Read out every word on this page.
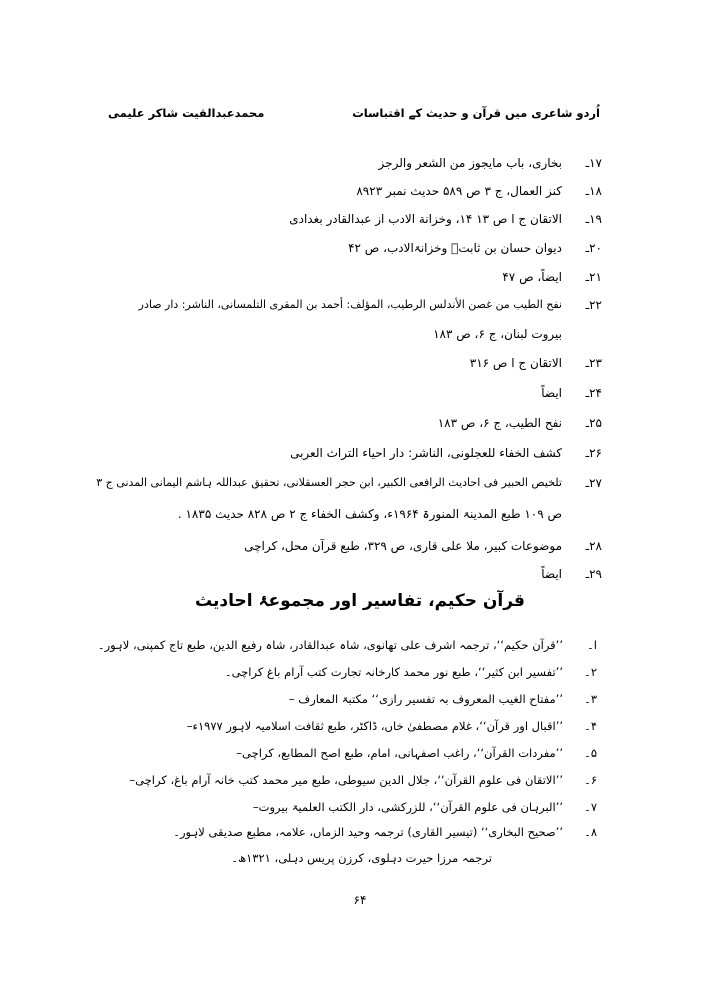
اُردو شاعری میں قرآن و حدیث کے اقتباسات
محمدعبدالقیت شاکر علیمی
۱۷ـ
بخاری، باب مایجوز من الشعر والرجز
۱۸ـ
کنز العمال، ج ۳ ص ۵۸۹ حدیث نمبر ۸۹۲۳
۱۹ـ
الاتقان ج ا ص ۱۳ ۱۴، وخزانة الادب از عبدالقادر بغدادی
۲۰ـ
دیوان حسان بن ثابتؓ وخزانۃالادب، ص ۴۲
۲۱ـ
ایضاً، ص ۴۷
۲۲ـ
نفح الطیب من غصن الأندلس الرطیب، المؤلف: أحمد بن المقری التلمسانی، الناشر: دار صادر
بیروت لبنان، ج ۶، ص ۱۸۳
۲۳ـ
الاتقان ج ا ص ۳۱۶
۲۴ـ
ایضاً
۲۵ـ
نفح الطیب، ج ۶، ص ۱۸۳
۲۶ـ
کشف الخفاء للعجلونی، الناشر: دار احیاء التراث العربی
۲۷ـ
تلخیص الحبیر فی احادیث الرافعی الکبیر، ابن حجر العسقلانی، تحقیق عبداللہ ہاشم الیمانی المدنی ج ۳
ص ۱۰۹ طبع المدینۃ المنورۃ ۱۹۶۴ء، وکشف الخفاء ج ۲ ص ۸۲۸ حدیث ۱۸۳۵ .
۲۸ـ
موضوعات کبیر، ملا علی قاری، ص ۳۲۹، طبع قرآن محل، کراچی
۲۹ـ
ایضاً
قرآن حکیم، تفاسیر اور مجموعۂ احادیث
ا۔
’’قرآن حکیم‘‘، ترجمہ اشرف علی تھانوی، شاہ عبدالقادر، شاہ رفیع الدین، طبع تاج کمپنی، لاہور۔
۲۔
’’تفسیر ابن کثیر‘‘، طبع نور محمد کارخانہ تجارت کتب آرام باغ کراچی۔
۳۔
’’مفتاح الغیب المعروف بہ تفسیر رازی‘‘ مکتبۃ المعارف –
۴۔
’’اقبال اور قرآن‘‘، غلام مصطفیٰ خاں، ڈاکٹر، طبع ثقافت اسلامیہ لاہور ۱۹۷۷ء–
۵۔
’’مفردات القرآن‘‘، راغب اصفہانی، امام، طبع اصح المطابع، کراچی–
۶۔
’’الاتقان فی علوم القرآن‘‘، جلال الدین سیوطی، طبع میر محمد کتب خانہ آرام باغ، کراچی–
۷۔
’’البرہان فی علوم القرآن‘‘، للزرکشی، دار الکتب العلمیۃ بیروت–
۸۔
’’صحیح البخاری‘‘ (تیسیر القاری) ترجمہ وحید الزماں، علامہ، مطبع صدیقی لاہور۔
ترجمہ مرزا حیرت دہلوی، کرزن پریس دہلی، ۱۳۲۱ھ۔
۶۴
